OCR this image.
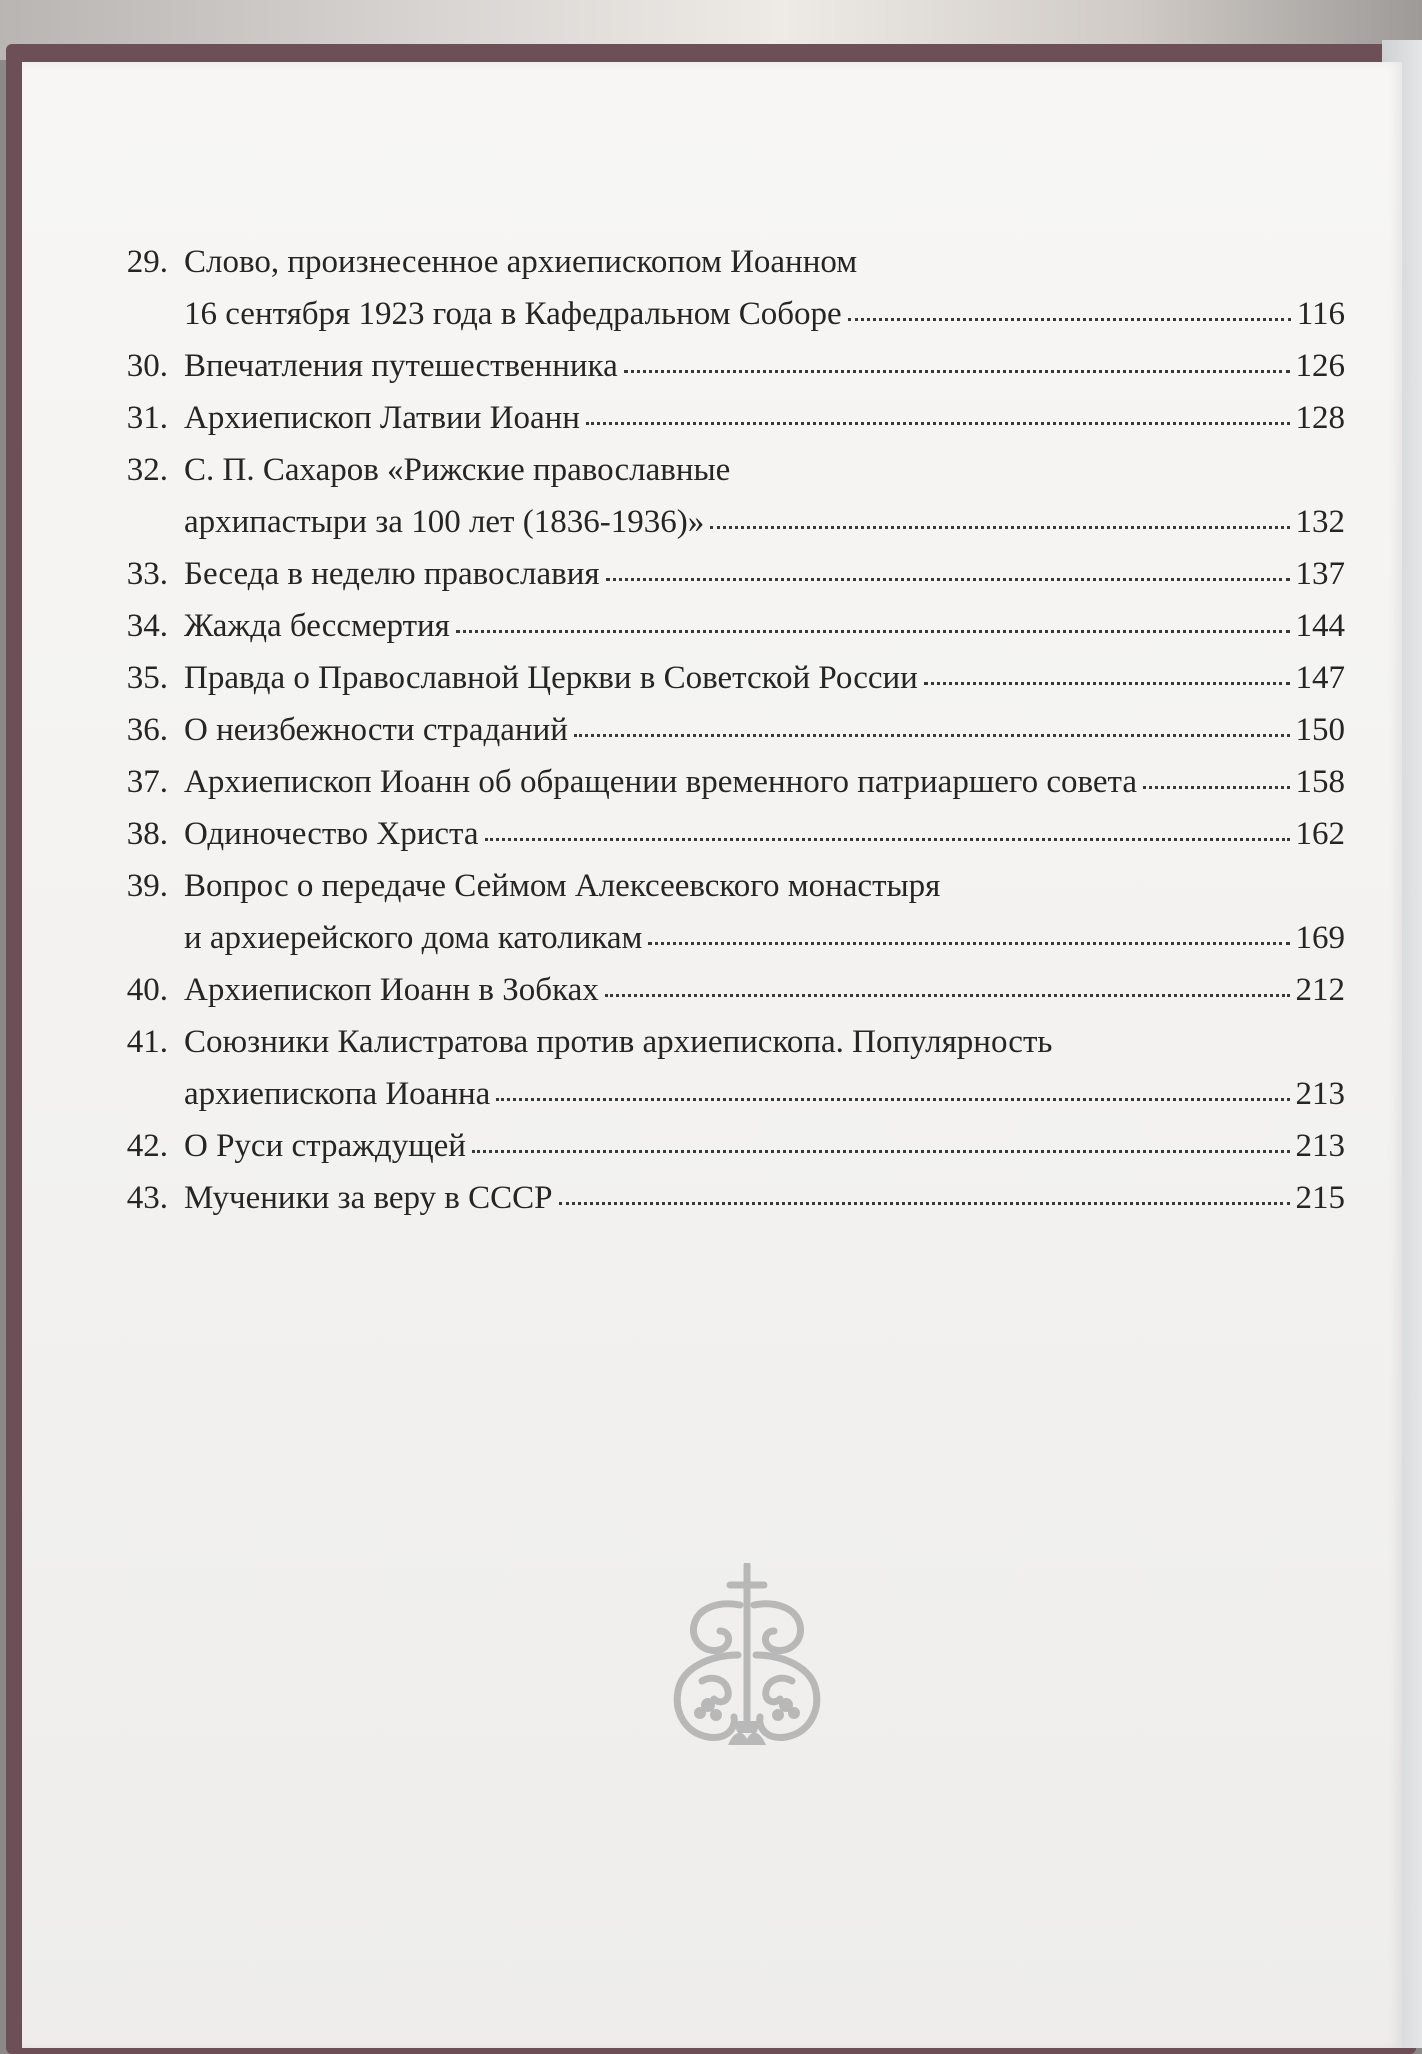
29. Слово, произнесенное архиепископом Иоанном
16 сентября 1923 года в Кафедральном Соборе	116
30. Впечатления путешественника	126
31. Архиепископ Латвии Иоанн	128
32. С. П. Сахаров «Рижские православные
архипастыри за 100 лет (1836-1936)»	132
33. Беседа в неделю православия	137
34. Жажда бессмертия	144
35. Правда о Православной Церкви в Советской России	147
36. О неизбежности страданий	150
37. Архиепископ Иоанн об обращении временного патриаршего совета	158
38. Одиночество Христа	162
39. Вопрос о передаче Сеймом Алексеевского монастыря
и архиерейского дома католикам	169
40. Архиепископ Иоанн в Зобках	212
41. Союзники Калистратова против архиепископа. Популярность
архиепископа Иоанна	213
42. О Руси страждущей	213
43. Мученики за веру в СССР	215
